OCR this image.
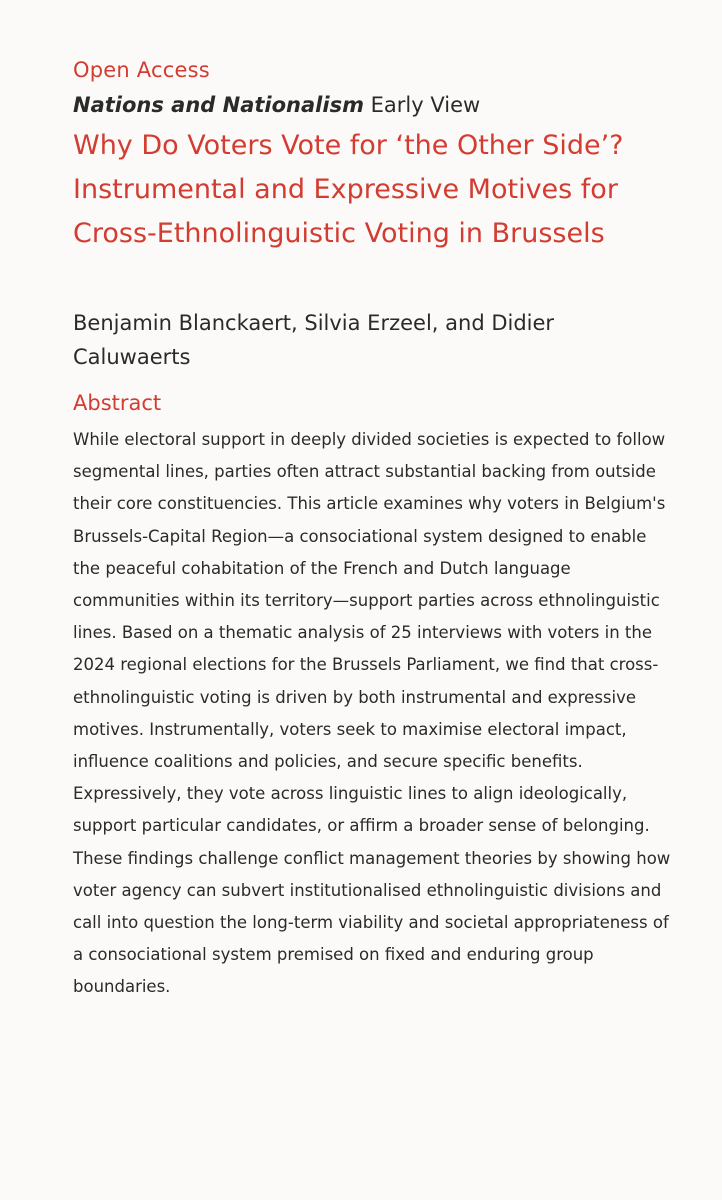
Open Access
Nations and Nationalism Early View
Why Do Voters Vote for ‘the Other Side’? Instrumental and Expressive Motives for Cross-Ethnolinguistic Voting in Brussels
Benjamin Blanckaert, Silvia Erzeel, and Didier Caluwaerts
Abstract

While electoral support in deeply divided societies is expected to follow segmental lines, parties often attract substantial backing from outside their core constituencies. This article examines why voters in Belgium's Brussels-Capital Region—a consociational system designed to enable the peaceful cohabitation of the French and Dutch language communities within its territory—support parties across ethnolinguistic lines. Based on a thematic analysis of 25 interviews with voters in the 2024 regional elections for the Brussels Parliament, we find that cross-ethnolinguistic voting is driven by both instrumental and expressive motives. Instrumentally, voters seek to maximise electoral impact, influence coalitions and policies, and secure specific benefits. Expressively, they vote across linguistic lines to align ideologically, support particular candidates, or affirm a broader sense of belonging. These findings challenge conflict management theories by showing how voter agency can subvert institutionalised ethnolinguistic divisions and call into question the long-term viability and societal appropriateness of a consociational system premised on fixed and enduring group boundaries.
